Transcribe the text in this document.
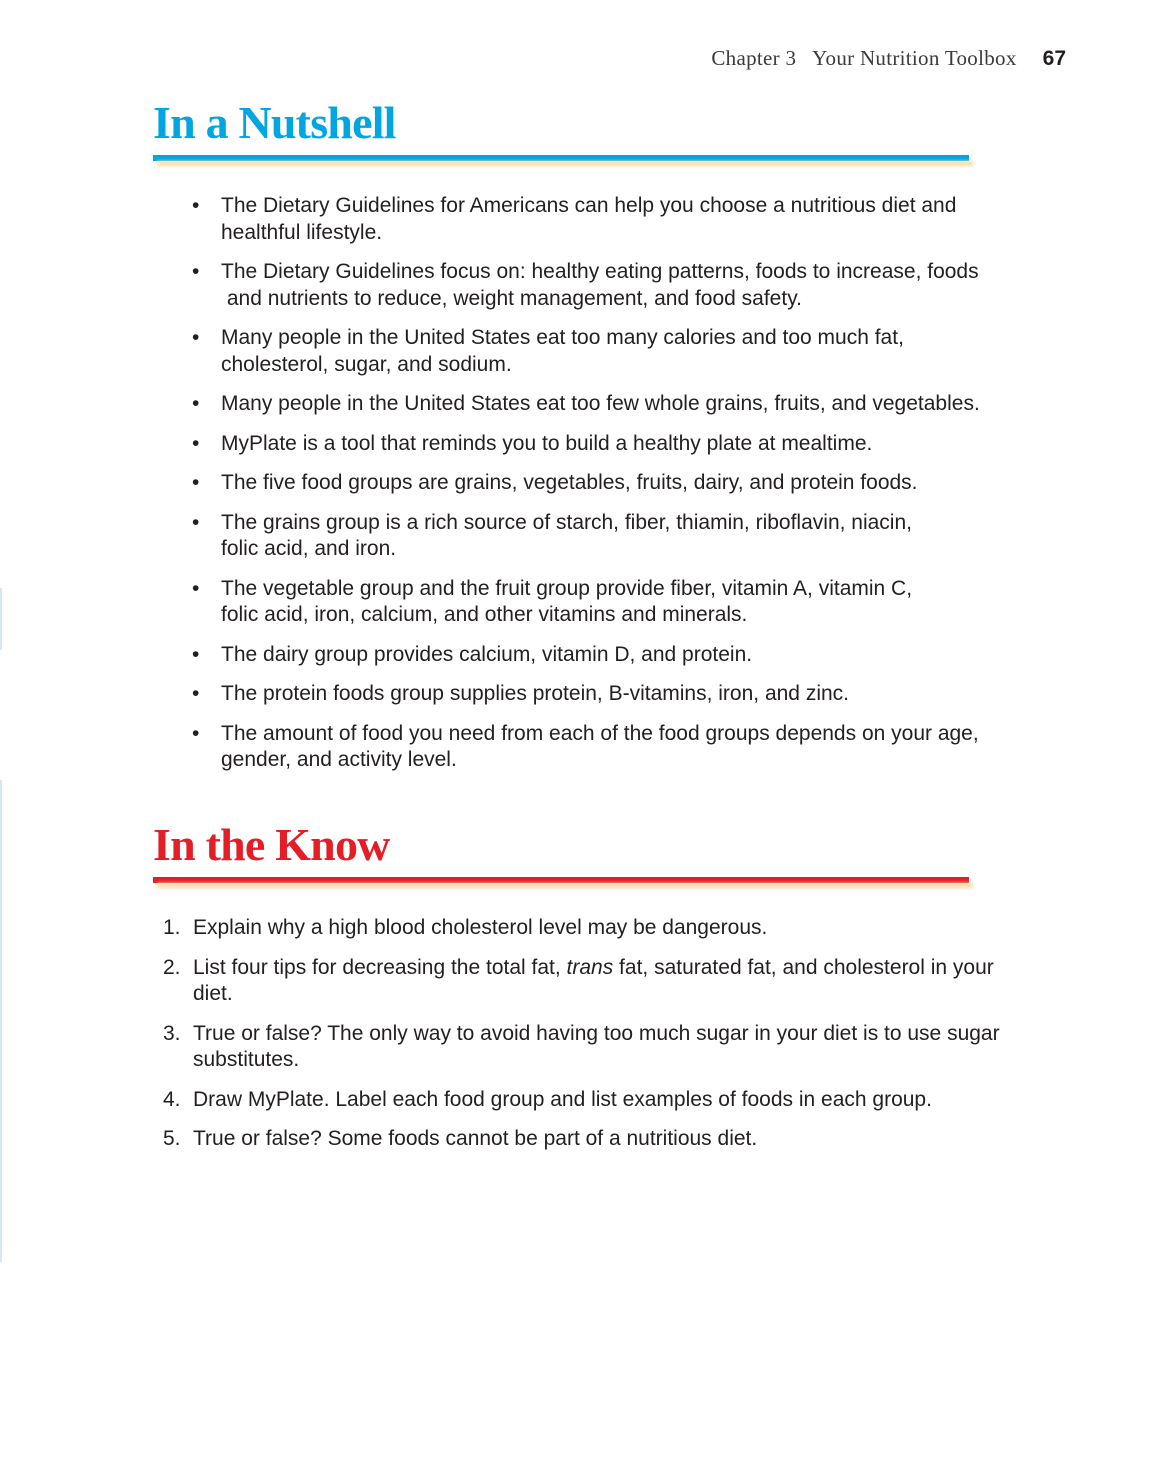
Chapter 3   Your Nutrition Toolbox 67
In a Nutshell
• The Dietary Guidelines for Americans can help you choose a nutritious diet and
healthful lifestyle.
• The Dietary Guidelines focus on: healthy eating patterns, foods to increase, foods
and nutrients to reduce, weight management, and food safety.
• Many people in the United States eat too many calories and too much fat,
cholesterol, sugar, and sodium.
• Many people in the United States eat too few whole grains, fruits, and vegetables.
• MyPlate is a tool that reminds you to build a healthy plate at mealtime.
• The five food groups are grains, vegetables, fruits, dairy, and protein foods.
• The grains group is a rich source of starch, fiber, thiamin, riboflavin, niacin,
folic acid, and iron.
• The vegetable group and the fruit group provide fiber, vitamin A, vitamin C,
folic acid, iron, calcium, and other vitamins and minerals.
• The dairy group provides calcium, vitamin D, and protein.
• The protein foods group supplies protein, B-vitamins, iron, and zinc.
• The amount of food you need from each of the food groups depends on your age,
gender, and activity level.
In the Know
1. Explain why a high blood cholesterol level may be dangerous.
2. List four tips for decreasing the total fat, trans fat, saturated fat, and cholesterol in your
diet.
3. True or false? The only way to avoid having too much sugar in your diet is to use sugar
substitutes.
4. Draw MyPlate. Label each food group and list examples of foods in each group.
5. True or false? Some foods cannot be part of a nutritious diet.
